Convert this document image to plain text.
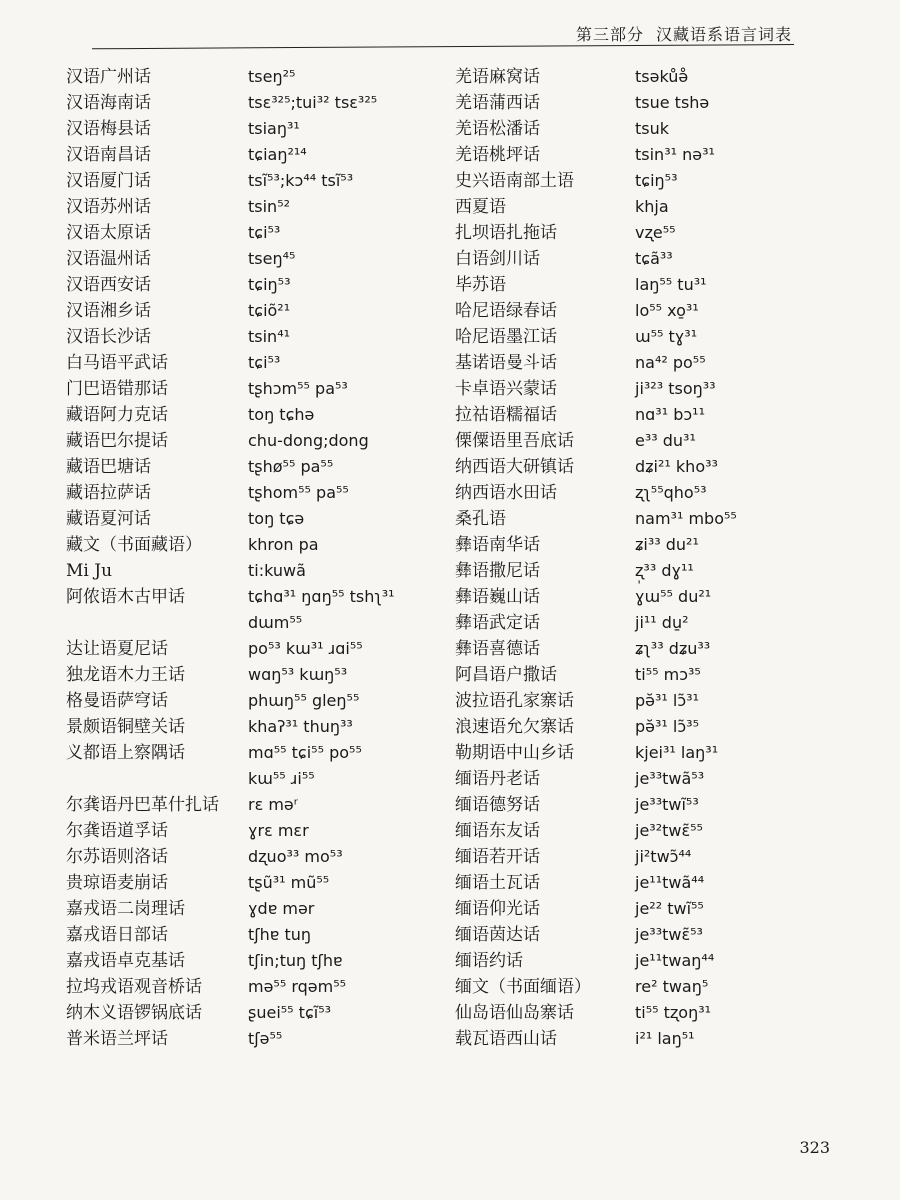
第三部分 汉藏语系语言词表
汉语广州话	tseŋ²⁵
汉语海南话	tsɛ³²⁵;tui³² tsɛ³²⁵
汉语梅县话	tsiaŋ³¹
汉语南昌话	tɕiaŋ²¹⁴
汉语厦门话	tsĩ⁵³;kɔ⁴⁴ tsĩ⁵³
汉语苏州话	tsin⁵²
汉语太原话	tɕi⁵³
汉语温州话	tseŋ⁴⁵
汉语西安话	tɕiŋ⁵³
汉语湘乡话	tɕiõ²¹
汉语长沙话	tsin⁴¹
白马语平武话	tɕi⁵³
门巴语错那话	tʂhɔm⁵⁵ pa⁵³
藏语阿力克话	toŋ tɕhə
藏语巴尔提话	chu-dong;dong
藏语巴塘话	tʂhø⁵⁵ pa⁵⁵
藏语拉萨话	tʂhom⁵⁵ pa⁵⁵
藏语夏河话	toŋ tɕə
藏文（书面藏语）	khron pa
Mi Ju	ti:kuwã
阿侬语木古甲话	tɕhɑ³¹ ŋɑŋ⁵⁵ tshʅ³¹
dɯm⁵⁵
达让语夏尼话	po⁵³ kɯ³¹ ɹɑi⁵⁵
独龙语木力王话	wɑŋ⁵³ kɯŋ⁵³
格曼语萨穹话	phɯŋ⁵⁵ gleŋ⁵⁵
景颇语铜壁关话	khaʔ³¹ thuŋ³³
义都语上察隅话	mɑ⁵⁵ tɕi⁵⁵ po⁵⁵
kɯ⁵⁵ ɹi⁵⁵
尔龚语丹巴革什扎话	rɛ məʳ
尔龚语道孚话	ɣrɛ mɛr
尔苏语则洛话	dʐuo³³ mo⁵³
贵琼语麦崩话	tʂũ³¹ mũ⁵⁵
嘉戎语二岗理话	ɣdɐ mər
嘉戎语日部话	tʃhɐ tuŋ
嘉戎语卓克基话	tʃin;tuŋ tʃhɐ
拉坞戎语观音桥话	mə⁵⁵ rqəm⁵⁵
纳木义语锣锅底话	ʂuei⁵⁵ tɕĩ⁵³
普米语兰坪话	tʃə⁵⁵
羌语麻窝话	tsəkůə̊
羌语蒲西话	tsue tshə
羌语松潘话	tsuk
羌语桃坪话	tsin³¹ nə³¹
史兴语南部土语	tɕiŋ⁵³
西夏语	khja
扎坝语扎拖话	vʐe⁵⁵
白语剑川话	tɕã³³
毕苏语	laŋ⁵⁵ tu³¹
哈尼语绿春话	lo⁵⁵ xo̱³¹
哈尼语墨江话	ɯ⁵⁵ tɣ³¹
基诺语曼斗话	na⁴² po⁵⁵
卡卓语兴蒙话	ji³²³ tsoŋ³³
拉祜语糯福话	nɑ³¹ bɔ¹¹
傈僳语里吾底话	e³³ du³¹
纳西语大研镇话	dʑi²¹ kho³³
纳西语水田话	ʐʅ⁵⁵qho⁵³
桑孔语	nam³¹ mbo⁵⁵
彝语南华话	ʑi³³ du²¹
彝语撒尼话	ʐ̩³³ dɣ¹¹
彝语巍山话	ɣɯ⁵⁵ du²¹
彝语武定话	ji¹¹ du̱²
彝语喜德话	ʑʅ³³ dʑu³³
阿昌语户撒话	ti⁵⁵ mɔ³⁵
波拉语孔家寨话	pə̆³¹ lɔ̃³¹
浪速语允欠寨话	pə̆³¹ lɔ̃³⁵
勒期语中山乡话	kjei³¹ laŋ³¹
缅语丹老话	je³³twã⁵³
缅语德努话	je³³twĩ⁵³
缅语东友话	je³²twɛ̃⁵⁵
缅语若开话	ji²twɔ̃⁴⁴
缅语土瓦话	je¹¹twã⁴⁴
缅语仰光话	je²² twĩ⁵⁵
缅语茵达话	je³³twɛ̃⁵³
缅语约话	je¹¹twaŋ⁴⁴
缅文（书面缅语）	re² twaŋ⁵
仙岛语仙岛寨话	ti⁵⁵ tʐoŋ³¹
载瓦语西山话	i²¹ laŋ⁵¹
323
